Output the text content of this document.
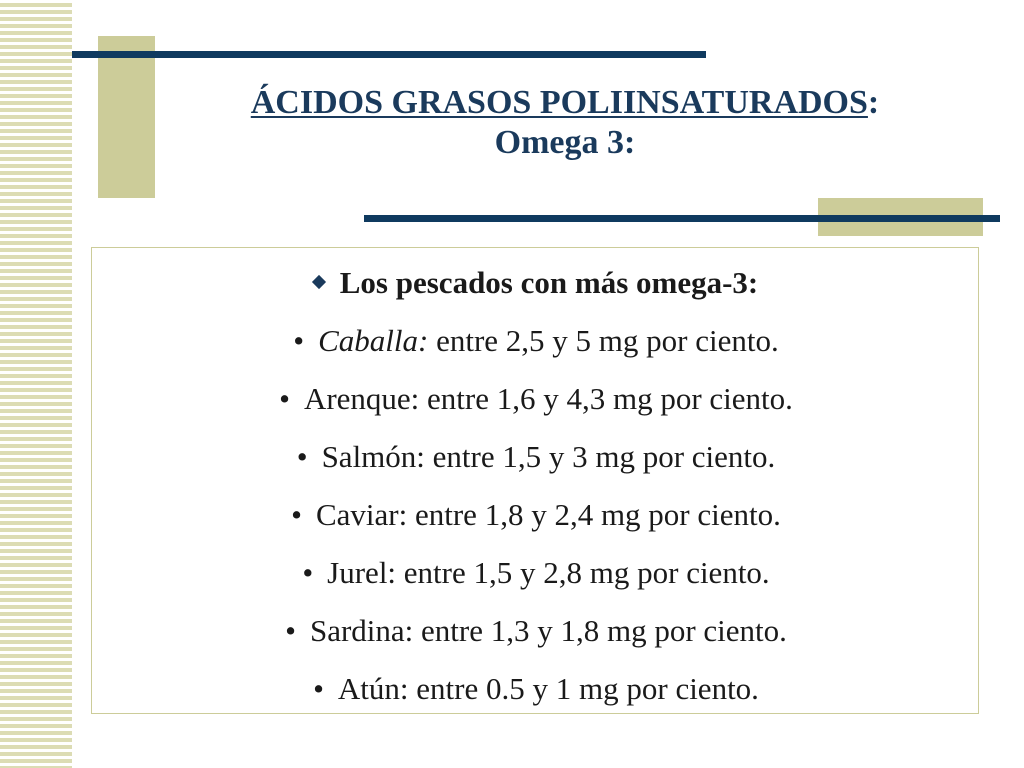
ÁCIDOS GRASOS POLIINSATURADOS:
Omega 3:
Los pescados con más omega-3:
• Caballa: entre 2,5 y 5 mg por ciento.
• Arenque: entre 1,6 y 4,3 mg por ciento.
• Salmón: entre 1,5 y 3 mg por ciento.
• Caviar: entre 1,8 y 2,4 mg por ciento.
• Jurel: entre 1,5 y 2,8 mg por ciento.
• Sardina: entre 1,3 y 1,8 mg por ciento.
• Atún: entre 0.5 y 1 mg por ciento.
